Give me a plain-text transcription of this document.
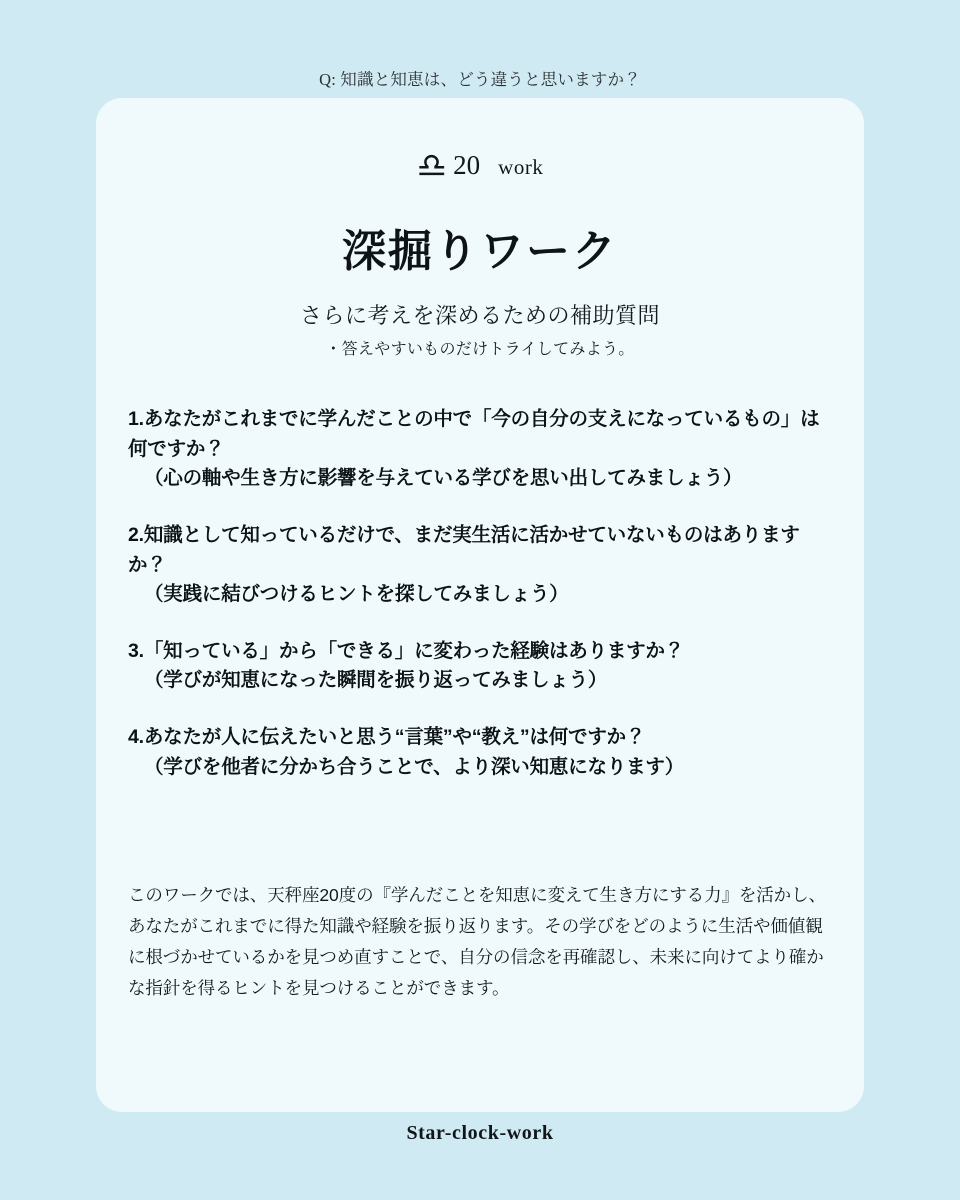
Q: 知識と知恵は、どう違うと思いますか？
♎ 20 work
深掘りワーク
さらに考えを深めるための補助質問
・答えやすいものだけトライしてみよう。
1.あなたがこれまでに学んだことの中で「今の自分の支えになっているもの」は何ですか？
（心の軸や生き方に影響を与えている学びを思い出してみましょう）
2.知識として知っているだけで、まだ実生活に活かせていないものはありますか？
（実践に結びつけるヒントを探してみましょう）
3.「知っている」から「できる」に変わった経験はありますか？
（学びが知恵になった瞬間を振り返ってみましょう）
4.あなたが人に伝えたいと思う“言葉”や“教え”は何ですか？
（学びを他者に分かち合うことで、より深い知恵になります）
このワークでは、天秤座20度の『学んだことを知恵に変えて生き方にする力』を活かし、あなたがこれまでに得た知識や経験を振り返ります。その学びをどのように生活や価値観に根づかせているかを見つめ直すことで、自分の信念を再確認し、未来に向けてより確かな指針を得るヒントを見つけることができます。
Star-clock-work
